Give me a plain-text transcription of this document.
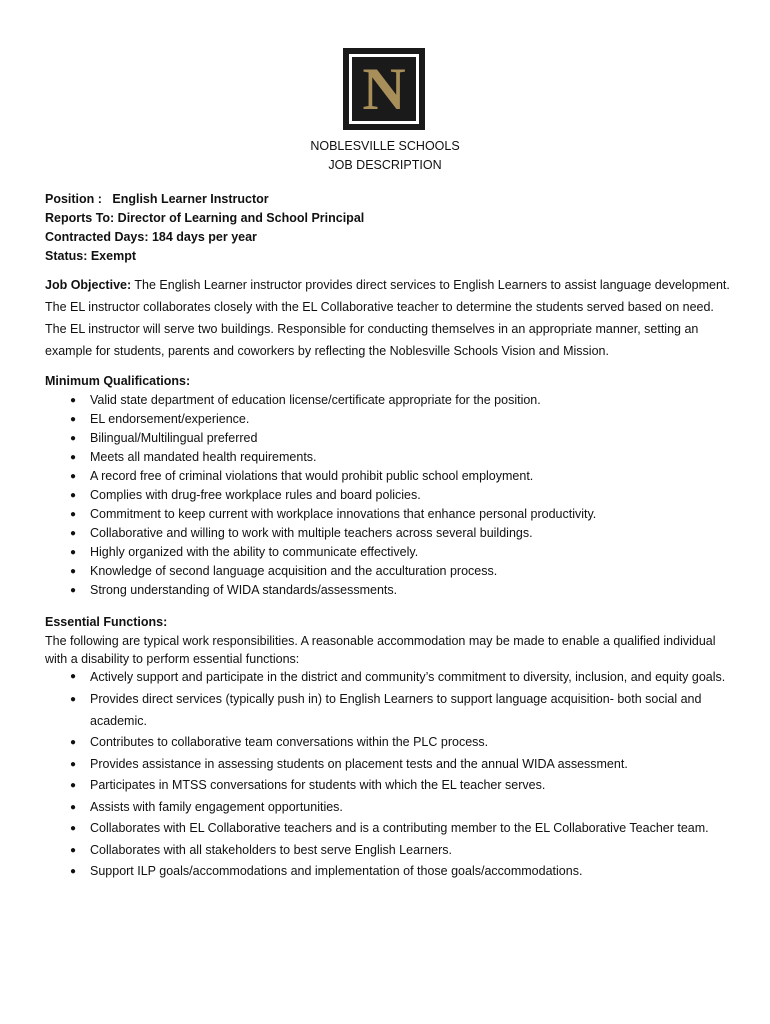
N
NOBLESVILLE SCHOOLS
JOB DESCRIPTION
Position :   English Learner Instructor
Reports To: Director of Learning and School Principal
Contracted Days: 184 days per year
Status: Exempt
Job Objective: The English Learner instructor provides direct services to English Learners to assist language development. The EL instructor collaborates closely with the EL Collaborative teacher to determine the students served based on need. The EL instructor will serve two buildings. Responsible for conducting themselves in an appropriate manner, setting an example for students, parents and coworkers by reflecting the Noblesville Schools Vision and Mission.
Minimum Qualifications:
● Valid state department of education license/certificate appropriate for the position.
● EL endorsement/experience.
● Bilingual/Multilingual preferred
● Meets all mandated health requirements.
● A record free of criminal violations that would prohibit public school employment.
● Complies with drug-free workplace rules and board policies.
● Commitment to keep current with workplace innovations that enhance personal productivity.
● Collaborative and willing to work with multiple teachers across several buildings.
● Highly organized with the ability to communicate effectively.
● Knowledge of second language acquisition and the acculturation process.
● Strong understanding of WIDA standards/assessments.
Essential Functions:
The following are typical work responsibilities. A reasonable accommodation may be made to enable a qualified individual with a disability to perform essential functions:
● Actively support and participate in the district and community’s commitment to diversity, inclusion, and equity goals.
● Provides direct services (typically push in) to English Learners to support language acquisition- both social and academic.
● Contributes to collaborative team conversations within the PLC process.
● Provides assistance in assessing students on placement tests and the annual WIDA assessment.
● Participates in MTSS conversations for students with which the EL teacher serves.
● Assists with family engagement opportunities.
● Collaborates with EL Collaborative teachers and is a contributing member to the EL Collaborative Teacher team.
● Collaborates with all stakeholders to best serve English Learners.
● Support ILP goals/accommodations and implementation of those goals/accommodations.
